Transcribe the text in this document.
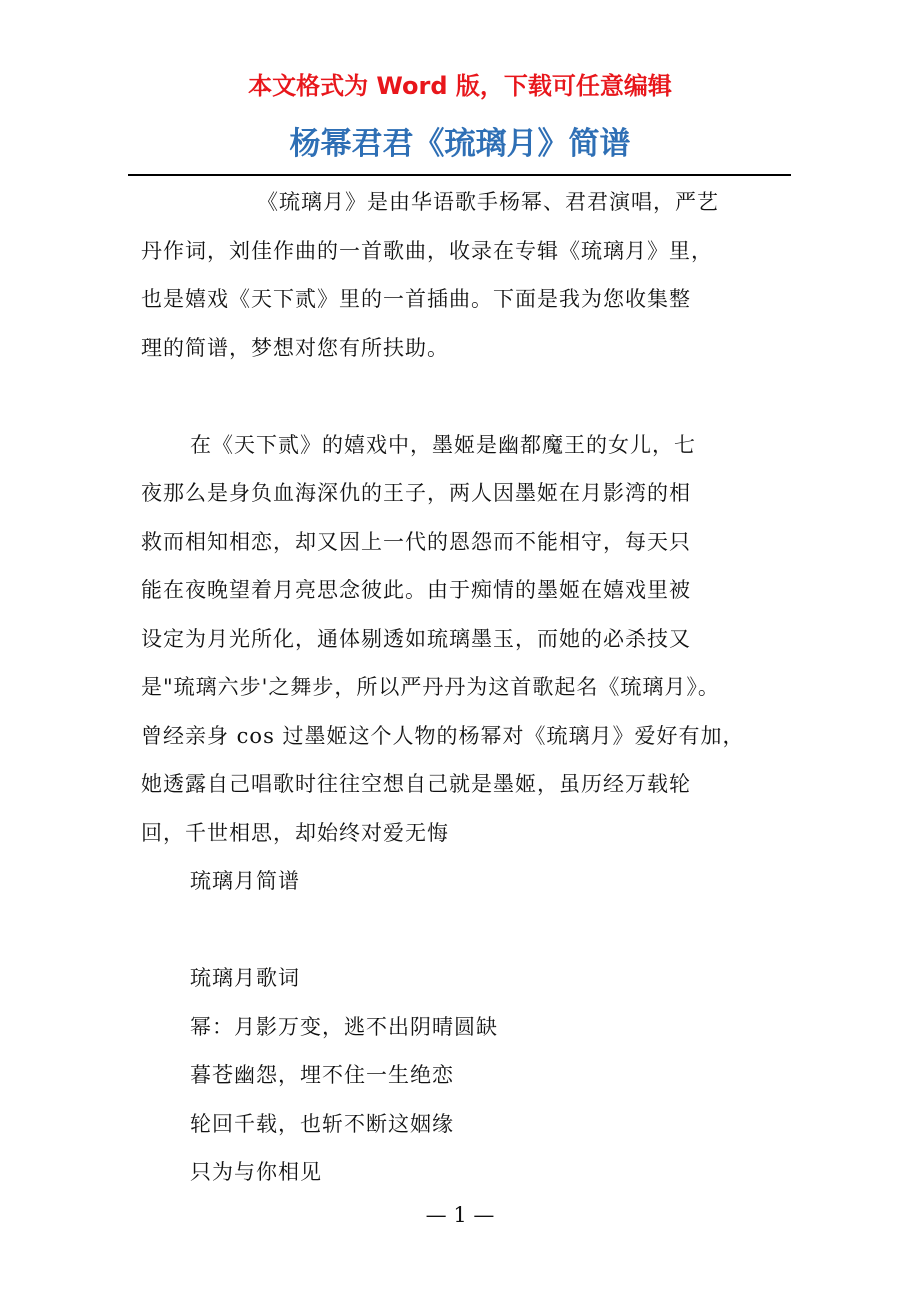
本文格式为 Word 版，下载可任意编辑
杨幂君君《琉璃月》简谱
《琉璃月》是由华语歌手杨幂、君君演唱，严艺
丹作词，刘佳作曲的一首歌曲，收录在专辑《琉璃月》里，
也是嬉戏《天下贰》里的一首插曲。下面是我为您收集整
理的简谱，梦想对您有所扶助。
在《天下贰》的嬉戏中，墨姬是幽都魔王的女儿，七
夜那么是身负血海深仇的王子，两人因墨姬在月影湾的相
救而相知相恋，却又因上一代的恩怨而不能相守，每天只
能在夜晚望着月亮思念彼此。由于痴情的墨姬在嬉戏里被
设定为月光所化，通体剔透如琉璃墨玉，而她的必杀技又
是"琉璃六步'之舞步，所以严丹丹为这首歌起名《琉璃月》。
曾经亲身 cos 过墨姬这个人物的杨幂对《琉璃月》爱好有加，
她透露自己唱歌时往往空想自己就是墨姬，虽历经万载轮
回，千世相思，却始终对爱无悔
琉璃月简谱
琉璃月歌词
幂：月影万变，逃不出阴晴圆缺
暮苍幽怨，埋不住一生绝恋
轮回千载，也斩不断这姻缘
只为与你相见
— 1 —
